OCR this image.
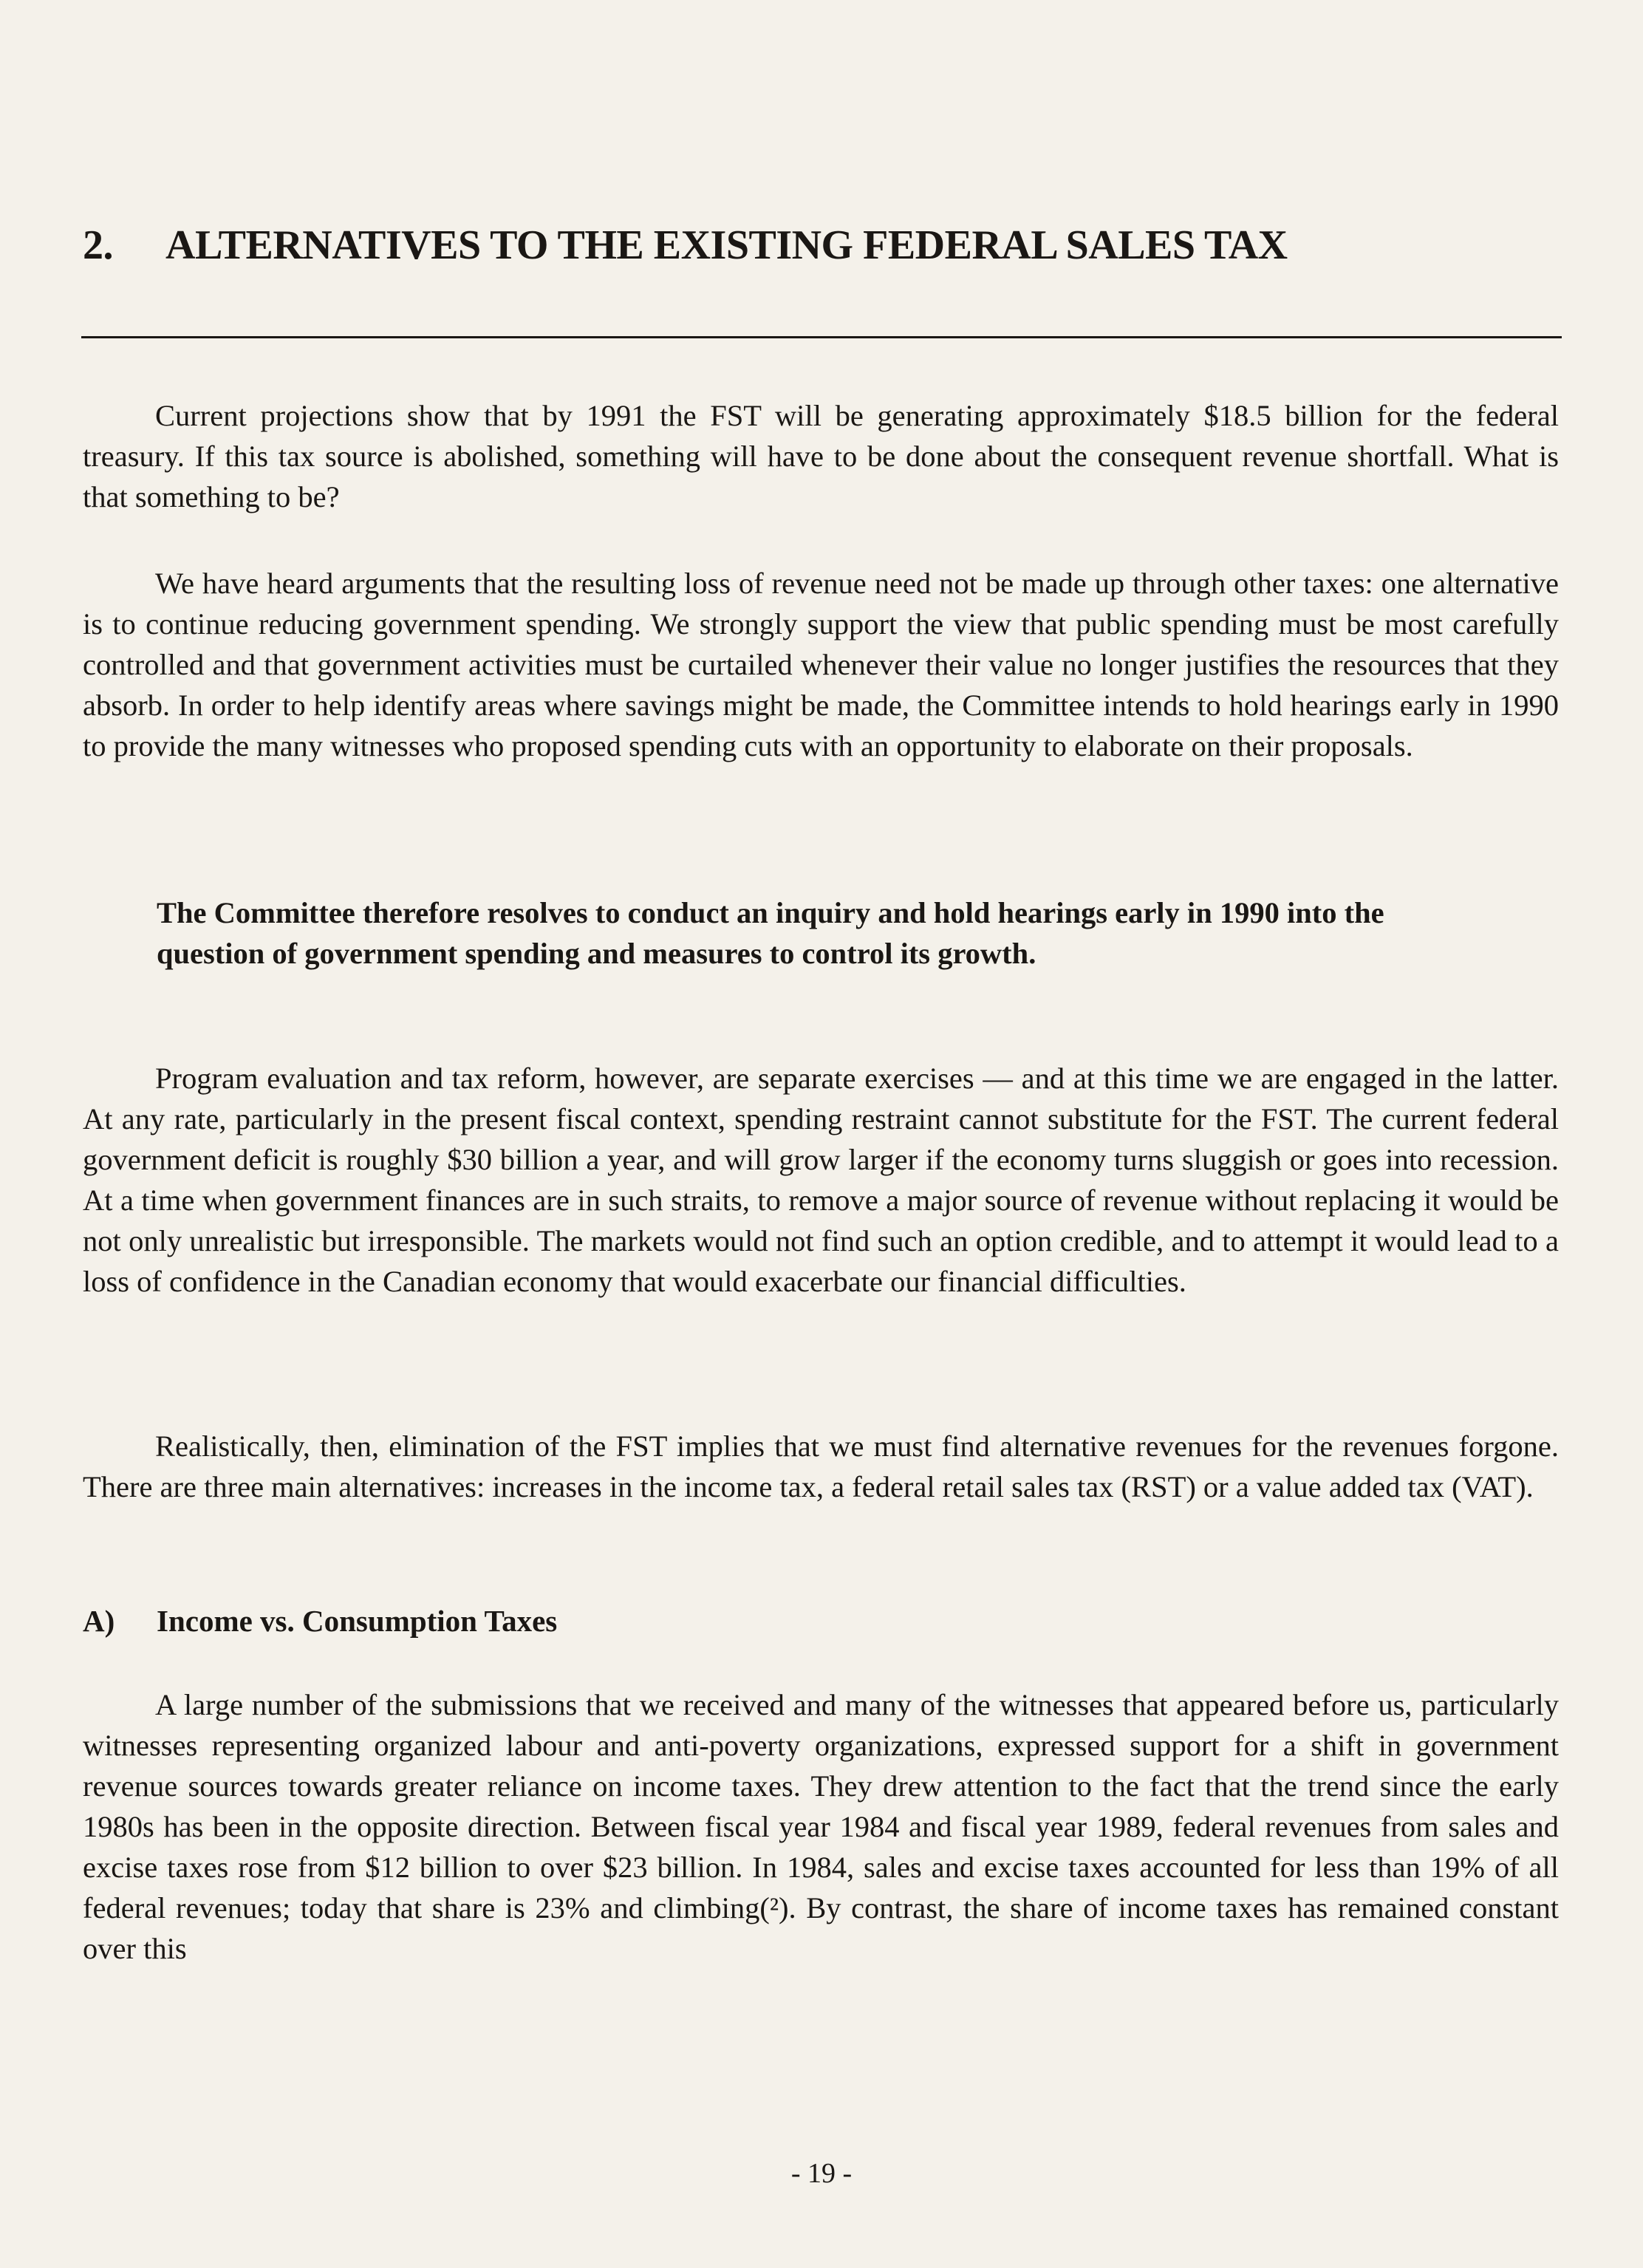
2. ALTERNATIVES TO THE EXISTING FEDERAL SALES TAX

Current projections show that by 1991 the FST will be generating approximately $18.5 billion for the federal treasury. If this tax source is abolished, something will have to be done about the consequent revenue shortfall. What is that something to be?

We have heard arguments that the resulting loss of revenue need not be made up through other taxes: one alternative is to continue reducing government spending. We strongly support the view that public spending must be most carefully controlled and that government activities must be curtailed whenever their value no longer justifies the resources that they absorb. In order to help identify areas where savings might be made, the Committee intends to hold hearings early in 1990 to provide the many witnesses who proposed spending cuts with an opportunity to elaborate on their proposals.

The Committee therefore resolves to conduct an inquiry and hold hearings early in 1990 into the question of government spending and measures to control its growth.

Program evaluation and tax reform, however, are separate exercises — and at this time we are engaged in the latter. At any rate, particularly in the present fiscal context, spending restraint cannot substitute for the FST. The current federal government deficit is roughly $30 billion a year, and will grow larger if the economy turns sluggish or goes into recession. At a time when government finances are in such straits, to remove a major source of revenue without replacing it would be not only unrealistic but irresponsible. The markets would not find such an option credible, and to attempt it would lead to a loss of confidence in the Canadian economy that would exacerbate our financial difficulties.

Realistically, then, elimination of the FST implies that we must find alternative revenues for the revenues forgone. There are three main alternatives: increases in the income tax, a federal retail sales tax (RST) or a value added tax (VAT).

A) Income vs. Consumption Taxes

A large number of the submissions that we received and many of the witnesses that appeared before us, particularly witnesses representing organized labour and anti-poverty organizations, expressed support for a shift in government revenue sources towards greater reliance on income taxes. They drew attention to the fact that the trend since the early 1980s has been in the opposite direction. Between fiscal year 1984 and fiscal year 1989, federal revenues from sales and excise taxes rose from $12 billion to over $23 billion. In 1984, sales and excise taxes accounted for less than 19% of all federal revenues; today that share is 23% and climbing(²). By contrast, the share of income taxes has remained constant over this

- 19 -
